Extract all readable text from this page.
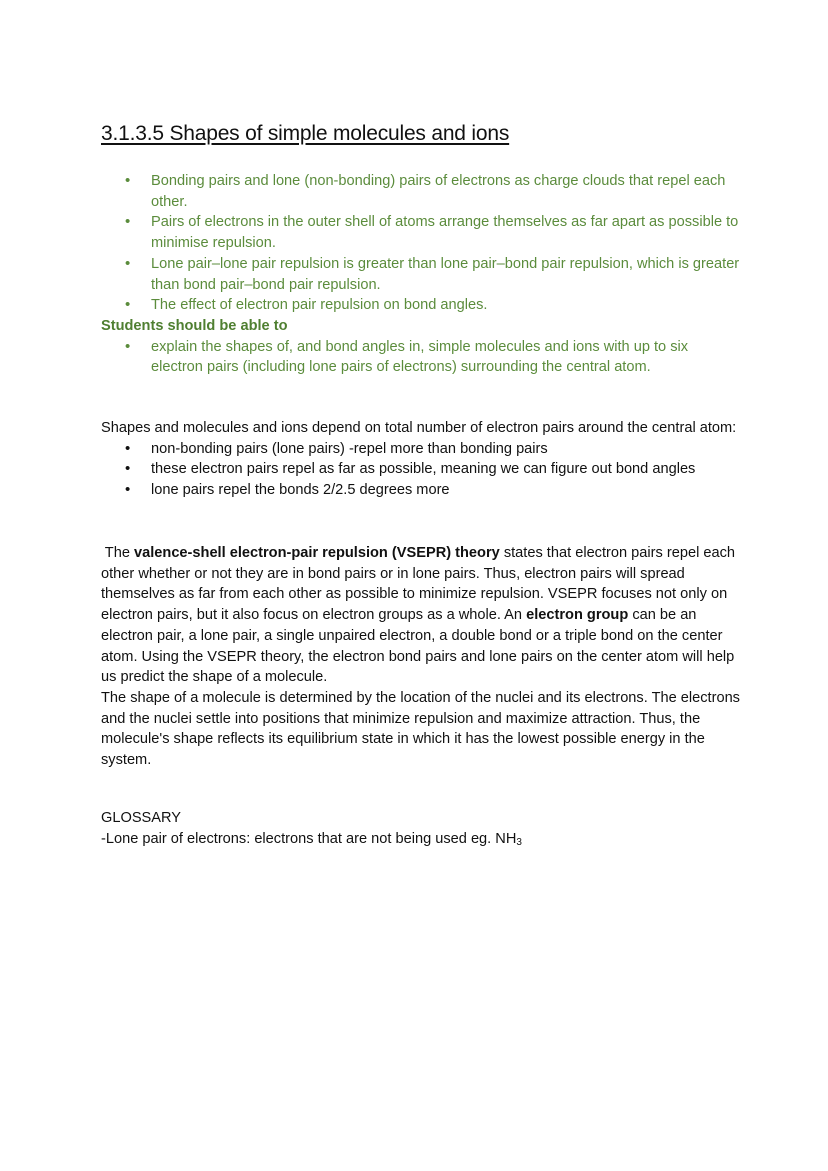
3.1.3.5 Shapes of simple molecules and ions
• Bonding pairs and lone (non-bonding) pairs of electrons as charge clouds that repel each other.
• Pairs of electrons in the outer shell of atoms arrange themselves as far apart as possible to minimise repulsion.
• Lone pair–lone pair repulsion is greater than lone pair–bond pair repulsion, which is greater than bond pair–bond pair repulsion.
• The effect of electron pair repulsion on bond angles.

Students should be able to

• explain the shapes of, and bond angles in, simple molecules and ions with up to six electron pairs (including lone pairs of electrons) surrounding the central atom.

Shapes and molecules and ions depend on total number of electron pairs around the central atom:

• non-bonding pairs (lone pairs) -repel more than bonding pairs
• these electron pairs repel as far as possible, meaning we can figure out bond angles
• lone pairs repel the bonds 2/2.5 degrees more

The valence-shell electron-pair repulsion (VSEPR) theory states that electron pairs repel each other whether or not they are in bond pairs or in lone pairs. Thus, electron pairs will spread themselves as far from each other as possible to minimize repulsion. VSEPR focuses not only on electron pairs, but it also focus on electron groups as a whole. An electron group can be an electron pair, a lone pair, a single unpaired electron, a double bond or a triple bond on the center atom. Using the VSEPR theory, the electron bond pairs and lone pairs on the center atom will help us predict the shape of a molecule.

The shape of a molecule is determined by the location of the nuclei and its electrons. The electrons and the nuclei settle into positions that minimize repulsion and maximize attraction. Thus, the molecule's shape reflects its equilibrium state in which it has the lowest possible energy in the system.

GLOSSARY

-Lone pair of electrons: electrons that are not being used eg. $NH_3$
